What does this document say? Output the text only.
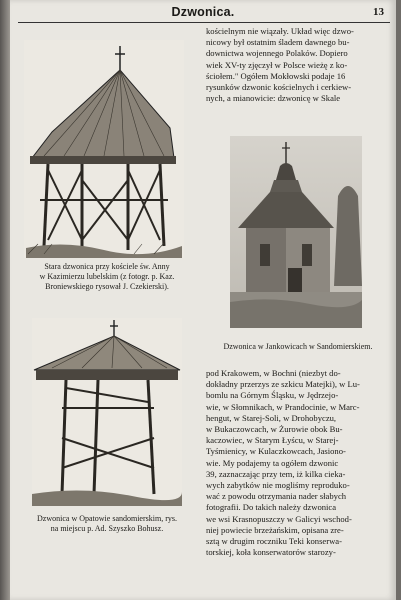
Dzwonica.	13
Stara dzwonica przy kościele św. Anny
w Kazimierzu lubelskim (z fotogr. p. Kaz.
Broniewskiego rysował J. Czekierski).
Dzwonica w Opatowie sandomierskim, rys.
na miejscu p. Ad. Szyszko Bohusz.
kościelnym nie wiązały. Układ więc dzwo-
nicowy był ostatnim śladem dawnego bu-
downictwa wojennego Polaków. Dopiero
wiek XV-ty zjęczył w Polsce wieżę z ko-
ściołem." Ogółem Mokłowski podaje 16
rysunków dzwonic kościelnych i cerkiew-
nych, a mianowicie: dzwonicę w Skale
Dzwonica w Jankowicach w Sandomierskiem.
pod Krakowem, w Bochni (niezbyt do-
dokładny przerzys ze szkicu Matejki), w Lu-
bomlu na Górnym Śląsku, w Jędrzejo-
wie, w Słomnikach, w Prandocinie, w Marc-
hengut, w Starej-Soli, w Drohobyczu,
w Bukaczowcach, w Żurowie obok Bu-
kaczowiec, w Starym Łyścu, w Starej-
Tyśmienicy, w Kulaczkowcach, Jasiono-
wie. My podajemy ta ogółem dzwonic
39, zaznaczając przy tem, iż kilka cieka-
wych zabytków nie mogliśmy reproduko-
wać z powodu otrzymania nader słabych
fotografii. Do takich należy dzwonica
we wsi Krasnopuszczy w Galicyi wschod-
niej powiecie brzeżańskim, opisana zre-
sztą w drugim roczniku Teki konserwa-
torskiej, koła konserwatorów starozy-
